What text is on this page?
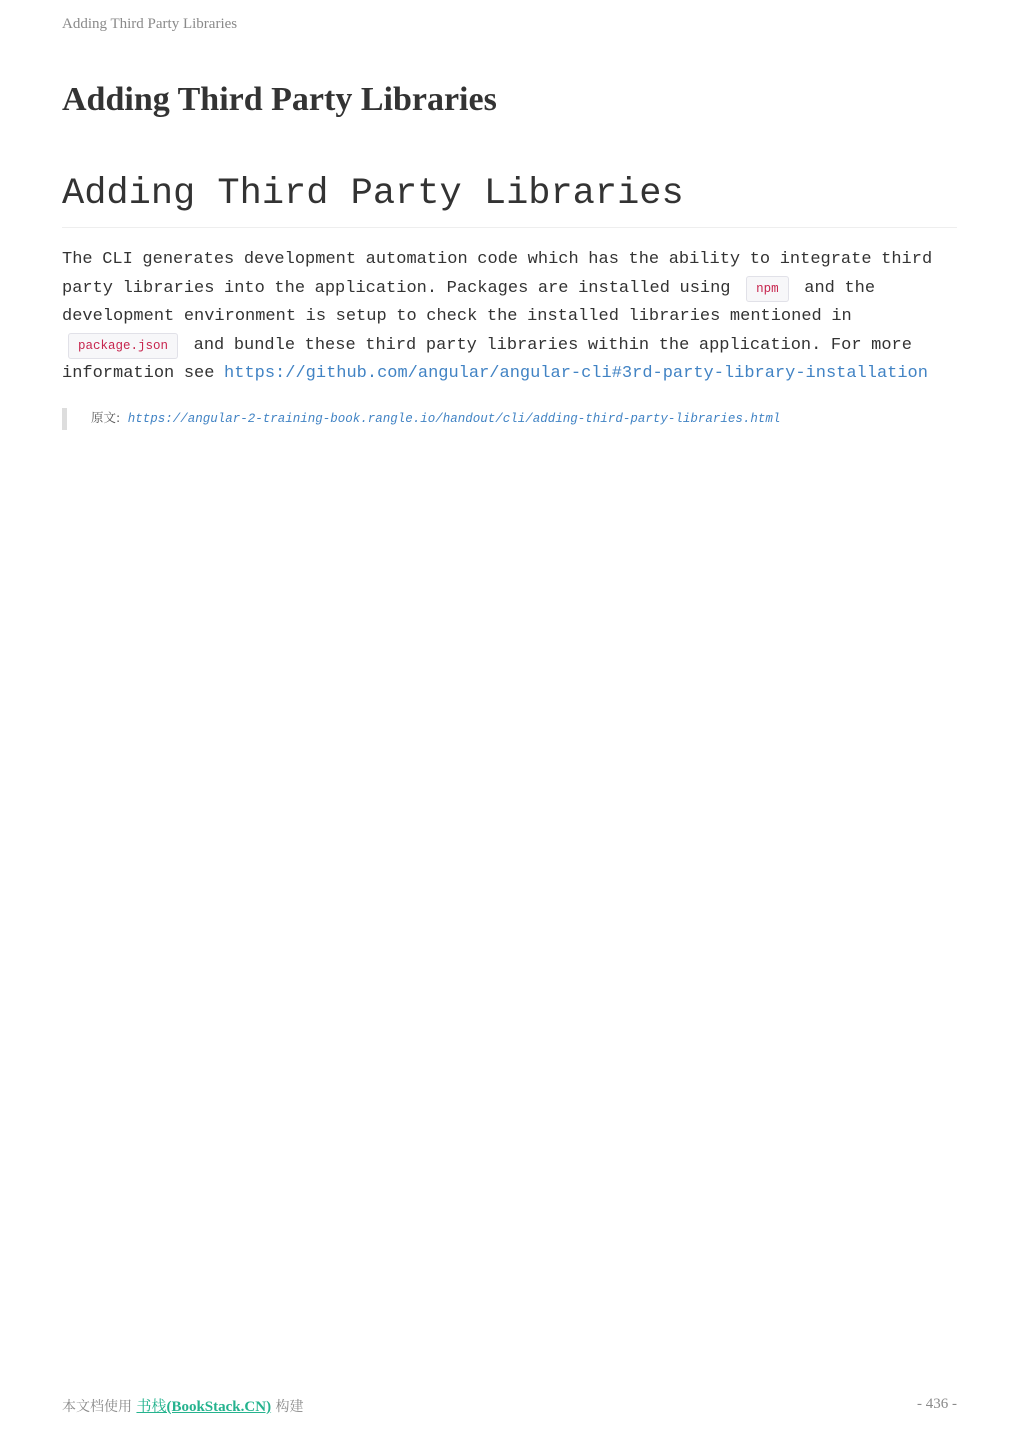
Adding Third Party Libraries
Adding Third Party Libraries
Adding Third Party Libraries

The CLI generates development automation code which has the ability to integrate third party libraries into the application. Packages are installed using npm and the development environment is setup to check the installed libraries mentioned in package.json and bundle these third party libraries within the application. For more information see https://github.com/angular/angular-cli#3rd-party-library-installation

原文: https://angular-2-training-book.rangle.io/handout/cli/adding-third-party-libraries.html
本文档使用 书栈(BookStack.CN) 构建	- 436 -
